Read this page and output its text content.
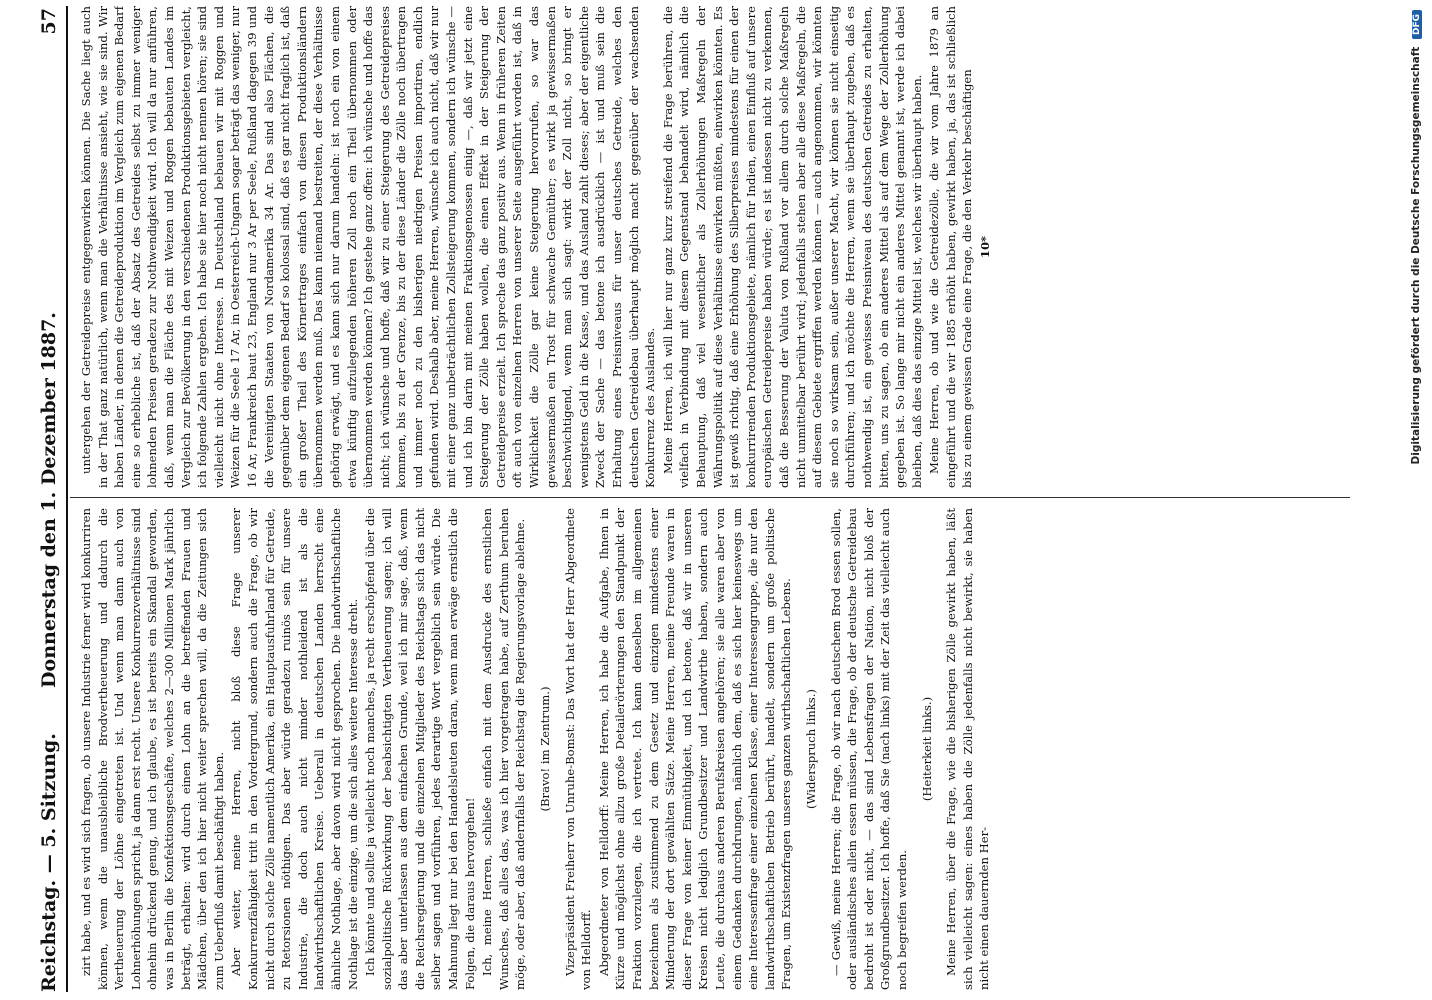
Reichstag. — 5. Sitzung.
Donnerstag den 1. Dezember 1887.
57

zirt habe, und es wird sich fragen, ob unsere Industrie ferner wird konkurriren können, wenn die unausbleibliche Brodvertheuerung und dadurch die Vertheuerung der Löhne eingetreten ist. Und wenn man dann auch von Lohnerhöhungen spricht, ja dann erst recht. Unsere Konkurrenzverhältnisse sind ohnehin drückend genug, und ich glaube, es ist bereits ein Skandal geworden, was in Berlin die Konfektionsgeschäfte, welches 2—300 Millionen Mark jährlich beträgt, erhalten: wird durch einen Lohn an die betreffenden Frauen und Mädchen, über den ich hier nicht weiter sprechen will, da die Zeitungen sich zum Ueberfluß damit beschäftigt haben. Aber weiter, meine Herren, nicht bloß diese Frage unserer Konkurrenzfähigkeit tritt in den Vordergrund, sondern auch die Frage, ob wir nicht durch solche Zölle namentlich Amerika, ein Hauptausfuhrland für Getreide, zu Retorsionen nöthigen. Das aber würde geradezu ruinös sein für unsere Industrie, die doch auch nicht minder nothleidend ist als die landwirthschaftlichen Kreise. Ueberall in deutschen Landen herrscht eine ähnliche Nothlage, aber davon wird nicht gesprochen. Die landwirthschaftliche Nothlage ist die einzige, um die sich alles weitere Interesse dreht. Ich könnte und sollte ja vielleicht noch manches, ja recht erschöpfend über die sozialpolitische Rückwirkung der beabsichtigten Vertheuerung sagen; ich will das aber unterlassen aus dem einfachen Grunde, weil ich mir sage, daß, wenn die Reichsregierung und die einzelnen Mitglieder des Reichstags sich das nicht selber sagen und vorführen, jedes derartige Wort vergeblich sein würde. Die Mahnung liegt nur bei den Handelsleuten daran, wenn man erwäge ernstlich die Folgen, die daraus hervorgehen! Ich, meine Herren, schließe einfach mit dem Ausdrucke des ernstlichen Wunsches, daß alles das, was ich hier vorgetragen habe, auf Zerthum beruhen möge, oder aber, daß andernfalls der Reichstag die Regierungsvorlage ablehne. (Bravo! im Zentrum.) Vizepräsident Freiherr von Unruhe-Bomst: Das Wort hat der Herr Abgeordnete von Helldorff. Abgeordneter von Helldorff: Meine Herren, ich habe die Aufgabe, Ihnen in Kürze und möglichst ohne allzu große Detailerörterungen den Standpunkt der Fraktion vorzulegen, die ich vertrete. Ich kann denselben im allgemeinen bezeichnen als zustimmend zu dem Gesetz und einzigen mindestens einer Minderung der dort gewählten Sätze. Meine Herren, meine Freunde waren in dieser Frage von keiner Einmüthigkeit, und ich betone, daß wir in unseren Kreisen nicht lediglich Grundbesitzer und Landwirthe haben, sondern auch Leute, die durchaus anderen Berufskreisen angehören; sie alle waren aber von einem Gedanken durchdrungen, nämlich dem, daß es sich hier keineswegs um eine Interessenfrage einer einzelnen Klasse, einer Interessengruppe, die nur den landwirthschaftlichen Betrieb berührt, handelt, sondern um große politische Fragen, um Existenzfragen unseres ganzen wirthschaftlichen Lebens. (Widerspruch links.) — Gewiß, meine Herren; die Frage, ob wir nach deutschem Brod essen sollen, oder ausländisches allein essen müssen, die Frage, ob der deutsche Getreidebau bedroht ist oder nicht, — das sind Lebensfragen der Nation, nicht bloß der Großgrundbesitzer. Ich hoffe, daß Sie (nach links) mit der Zeit das vielleicht auch noch begreifen werden.

(Heiterkeit links.) Meine Herren, über die Frage, wie die bisherigen Zölle gewirkt haben, läßt sich vielleicht sagen: eines haben die Zölle jedenfalls nicht bewirkt, sie haben nicht einen dauernden Her-

untergehen der Getreidepreise entgegenwirken können. Die Sache liegt auch in der That ganz natürlich, wenn man die Verhältnisse ansieht, wie sie sind. Wir haben Länder, in denen die Getreideproduktion im Vergleich zum eigenen Bedarf eine so erhebliche ist, daß der Absatz des Getreides selbst zu immer weniger lohnenden Preisen geradezu zur Nothwendigkeit wird. Ich will da nur anführen, daß, wenn man die Fläche des mit Weizen und Roggen bebauten Landes im Vergleich zur Bevölkerung in den verschiedenen Produktionsgebieten vergleicht, ich folgende Zahlen ergeben. Ich habe sie hier noch nicht nennen hören; sie sind vielleicht nicht ohne Interesse. In Deutschland bebauen wir mit Roggen und Weizen für die Seele 17 Ar, in Oesterreich-Ungarn sogar beträgt das weniger, nur 16 Ar, Frankreich baut 23, England nur 3 Ar per Seele, Rußland dagegen 39 und die Vereinigten Staaten von Nordamerika 34 Ar. Das sind also Flächen, die gegenüber dem eigenen Bedarf so kolossal sind, daß es gar nicht fraglich ist, daß ein großer Theil des Körnertrages einfach von diesen Produktionsländern übernommen werden muß. Das kann niemand bestreiten, der diese Verhältnisse gehörig erwägt, und es kann sich nur darum handeln: ist noch ein von einem etwa künftig aufzulegenden höheren Zoll noch ein Theil übernommen oder übernommen werden können? Ich gestehe ganz offen: ich wünsche und hoffe das nicht; ich wünsche und hoffe, daß wir zu einer Steigerung des Getreidepreises kommen, bis zu der Grenze, bis zu der diese Länder die Zölle noch übertragen und immer noch zu den bisherigen niedrigen Preisen importiren, endlich gefunden wird. Deshalb aber, meine Herren, wünsche ich auch nicht, daß wir nur mit einer ganz unbeträchtlichen Zollsteigerung kommen, sondern ich wünsche — und ich bin darin mit meinen Fraktionsgenossen einig —, daß wir jetzt eine Steigerung der Zölle haben wollen, die einen Effekt in der Steigerung der Getreidepreise erzielt. Ich spreche das ganz positiv aus. Wenn in früheren Zeiten oft auch von einzelnen Herren von unserer Seite ausgeführt worden ist, daß in Wirklichkeit die Zölle gar keine Steigerung hervorrufen, so war das gewissermaßen ein Trost für schwache Gemüther; es wirkt ja gewissermaßen beschwichtigend, wenn man sich sagt: wirkt der Zoll nicht, so bringt er wenigstens Geld in die Kasse, und das Ausland zahlt dieses; aber der eigentliche Zweck der Sache — das betone ich ausdrücklich — ist und muß sein die Erhaltung eines Preisniveaus für unser deutsches Getreide, welches den deutschen Getreidebau überhaupt möglich macht gegenüber der wachsenden Konkurrenz des Auslandes. Meine Herren, ich will hier nur ganz kurz streifend die Frage berühren, die vielfach in Verbindung mit diesem Gegenstand behandelt wird, nämlich die Behauptung, daß viel wesentlicher als Zollerhöhungen Maßregeln der Währungspolitik auf diese Verhältnisse einwirken müßten, einwirken könnten. Es ist gewiß richtig, daß eine Erhöhung des Silberpreises mindestens für einen der konkurrirenden Produktionsgebiete, nämlich für Indien, einen Einfluß auf unsere europäischen Getreidepreise haben würde; es ist indessen nicht zu verkennen, daß die Besserung der Valuta von Rußland vor allem durch solche Maßregeln nicht unmittelbar berührt wird; jedenfalls stehen aber alle diese Maßregeln, die auf diesem Gebiete ergriffen werden können — auch angenommen, wir könnten sie noch so wirksam sein, außer unserer Macht, wir können sie nicht einseitig durchführen; und ich möchte die Herren, wenn sie überhaupt zugeben, daß es nothwendig ist, ein gewisses Preisniveau des deutschen Getreides zu erhalten, bitten, uns zu sagen, ob ein anderes Mittel als auf dem Wege der Zollerhöhung gegeben ist. So lange mir nicht ein anderes Mittel genannt ist, werde ich dabei bleiben, daß dies das einzige Mittel ist, welches wir überhaupt haben. Meine Herren, ob und wie die Getreidezölle, die wir vom Jahre 1879 an eingeführt und die wir 1885 erhöht haben, gewirkt haben, ja, das ist schließlich bis zu einem gewissen Grade eine Frage, die den Verkehr beschäftigen 10*	Digitalisierung gefördert durch die Deutsche Forschungsgemeinschaft DFG
